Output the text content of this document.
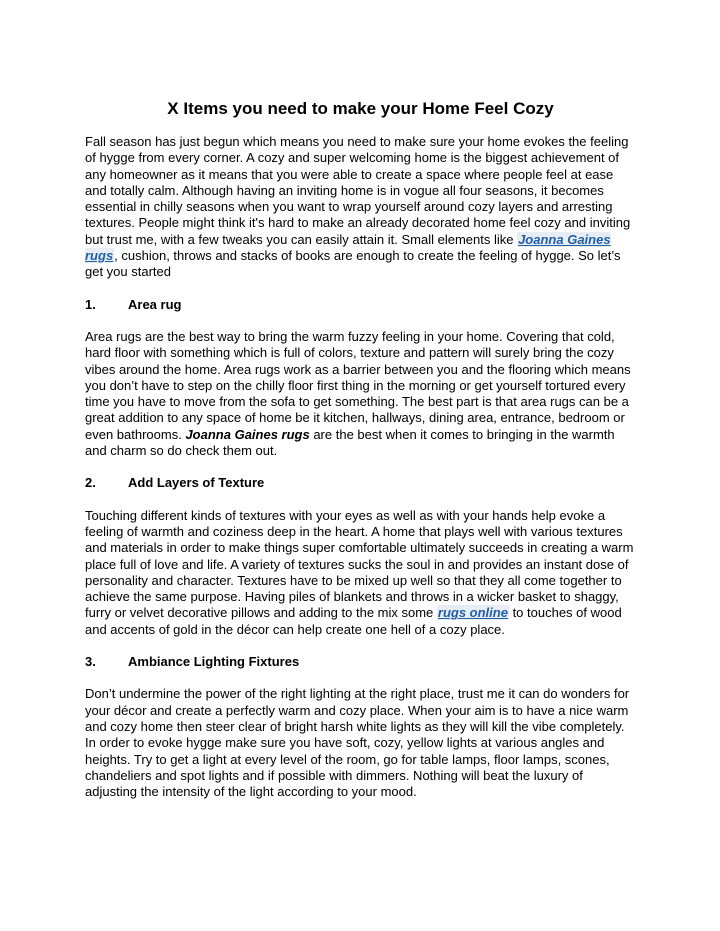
X Items you need to make your Home Feel Cozy

Fall season has just begun which means you need to make sure your home evokes the feeling of hygge from every corner. A cozy and super welcoming home is the biggest achievement of any homeowner as it means that you were able to create a space where people feel at ease and totally calm. Although having an inviting home is in vogue all four seasons, it becomes essential in chilly seasons when you want to wrap yourself around cozy layers and arresting textures. People might think it's hard to make an already decorated home feel cozy and inviting but trust me, with a few tweaks you can easily attain it. Small elements like Joanna Gaines rugs, cushion, throws and stacks of books are enough to create the feeling of hygge. So let’s get you started

1.	Area rug

Area rugs are the best way to bring the warm fuzzy feeling in your home. Covering that cold, hard floor with something which is full of colors, texture and pattern will surely bring the cozy vibes around the home. Area rugs work as a barrier between you and the flooring which means you don’t have to step on the chilly floor first thing in the morning or get yourself tortured every time you have to move from the sofa to get something. The best part is that area rugs can be a great addition to any space of home be it kitchen, hallways, dining area, entrance, bedroom or even bathrooms. Joanna Gaines rugs are the best when it comes to bringing in the warmth and charm so do check them out.

2.	Add Layers of Texture

Touching different kinds of textures with your eyes as well as with your hands help evoke a feeling of warmth and coziness deep in the heart. A home that plays well with various textures and materials in order to make things super comfortable ultimately succeeds in creating a warm place full of love and life. A variety of textures sucks the soul in and provides an instant dose of personality and character. Textures have to be mixed up well so that they all come together to achieve the same purpose. Having piles of blankets and throws in a wicker basket to shaggy, furry or velvet decorative pillows and adding to the mix some rugs online to touches of wood and accents of gold in the décor can help create one hell of a cozy place.

3.	Ambiance Lighting Fixtures

Don’t undermine the power of the right lighting at the right place, trust me it can do wonders for your décor and create a perfectly warm and cozy place. When your aim is to have a nice warm and cozy home then steer clear of bright harsh white lights as they will kill the vibe completely. In order to evoke hygge make sure you have soft, cozy, yellow lights at various angles and heights. Try to get a light at every level of the room, go for table lamps, floor lamps, scones, chandeliers and spot lights and if possible with dimmers. Nothing will beat the luxury of adjusting the intensity of the light according to your mood.
